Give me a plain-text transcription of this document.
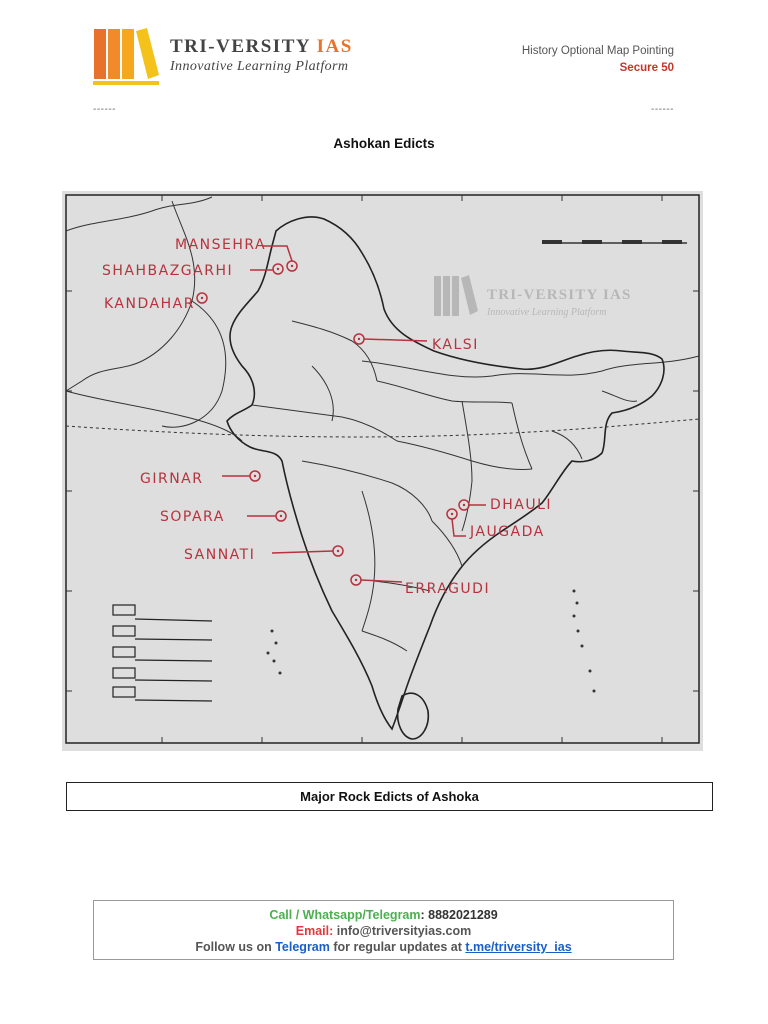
TRI-VERSITY IAS
Innovative Learning Platform
History Optional Map Pointing
Secure 50
------	------
Ashokan Edicts
TRI-VERSITY IAS
Innovative Learning Platform
MANSEHRA
SHAHBAZGARHI
KANDAHAR
KALSI
GIRNAR
SOPARA
SANNATI
DHAULI
JAUGADA
ERRAGUDI
Major Rock Edicts of Ashoka
Call / Whatsapp/Telegram: 8882021289
Email: info@triversityias.com
Follow us on Telegram for regular updates at t.me/triversity_ias
